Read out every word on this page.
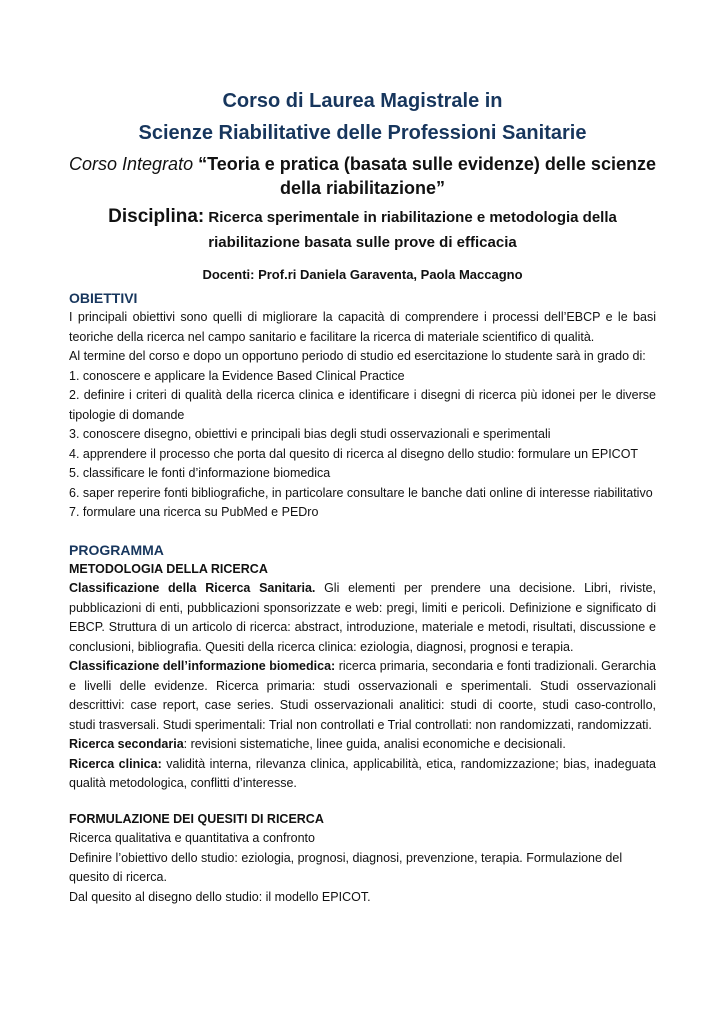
Corso di Laurea Magistrale in
Scienze Riabilitative delle Professioni Sanitarie
Corso Integrato “Teoria e pratica (basata sulle evidenze) delle scienze
della riabilitazione”
Disciplina: Ricerca sperimentale in riabilitazione e metodologia della
riabilitazione basata sulle prove di efficacia
Docenti: Prof.ri Daniela Garaventa, Paola Maccagno
OBIETTIVI

I principali obiettivi sono quelli di migliorare la capacità di comprendere i processi dell’EBCP e le basi teoriche della ricerca nel campo sanitario e facilitare la ricerca di materiale scientifico di qualità.

Al termine del corso e dopo un opportuno periodo di studio ed esercitazione lo studente sarà in grado di:

1. conoscere e applicare la Evidence Based Clinical Practice

2. definire i criteri di qualità della ricerca clinica e identificare i disegni di ricerca più idonei per le diverse tipologie di domande

3. conoscere disegno, obiettivi e principali bias degli studi osservazionali e sperimentali

4. apprendere il processo che porta dal quesito di ricerca al disegno dello studio: formulare un EPICOT

5. classificare le fonti d’informazione biomedica

6. saper reperire fonti bibliografiche, in particolare consultare le banche dati online di interesse riabilitativo

7. formulare una ricerca su PubMed e PEDro

PROGRAMMA

METODOLOGIA DELLA RICERCA

Classificazione della Ricerca Sanitaria. Gli elementi per prendere una decisione. Libri, riviste, pubblicazioni di enti, pubblicazioni sponsorizzate e web: pregi, limiti e pericoli. Definizione e significato di EBCP. Struttura di un articolo di ricerca: abstract, introduzione, materiale e metodi, risultati, discussione e conclusioni, bibliografia. Quesiti della ricerca clinica: eziologia, diagnosi, prognosi e terapia.

Classificazione dell’informazione biomedica: ricerca primaria, secondaria e fonti tradizionali. Gerarchia e livelli delle evidenze. Ricerca primaria: studi osservazionali e sperimentali. Studi osservazionali descrittivi: case report, case series. Studi osservazionali analitici: studi di coorte, studi caso-controllo, studi trasversali. Studi sperimentali: Trial non controllati e Trial controllati: non randomizzati, randomizzati.

Ricerca secondaria: revisioni sistematiche, linee guida, analisi economiche e decisionali.

Ricerca clinica: validità interna, rilevanza clinica, applicabilità, etica, randomizzazione; bias, inadeguata qualità metodologica, conflitti d’interesse.

FORMULAZIONE DEI QUESITI DI RICERCA

Ricerca qualitativa e quantitativa a confronto

Definire l’obiettivo dello studio: eziologia, prognosi, diagnosi, prevenzione, terapia. Formulazione del quesito di ricerca.

Dal quesito al disegno dello studio: il modello EPICOT.
